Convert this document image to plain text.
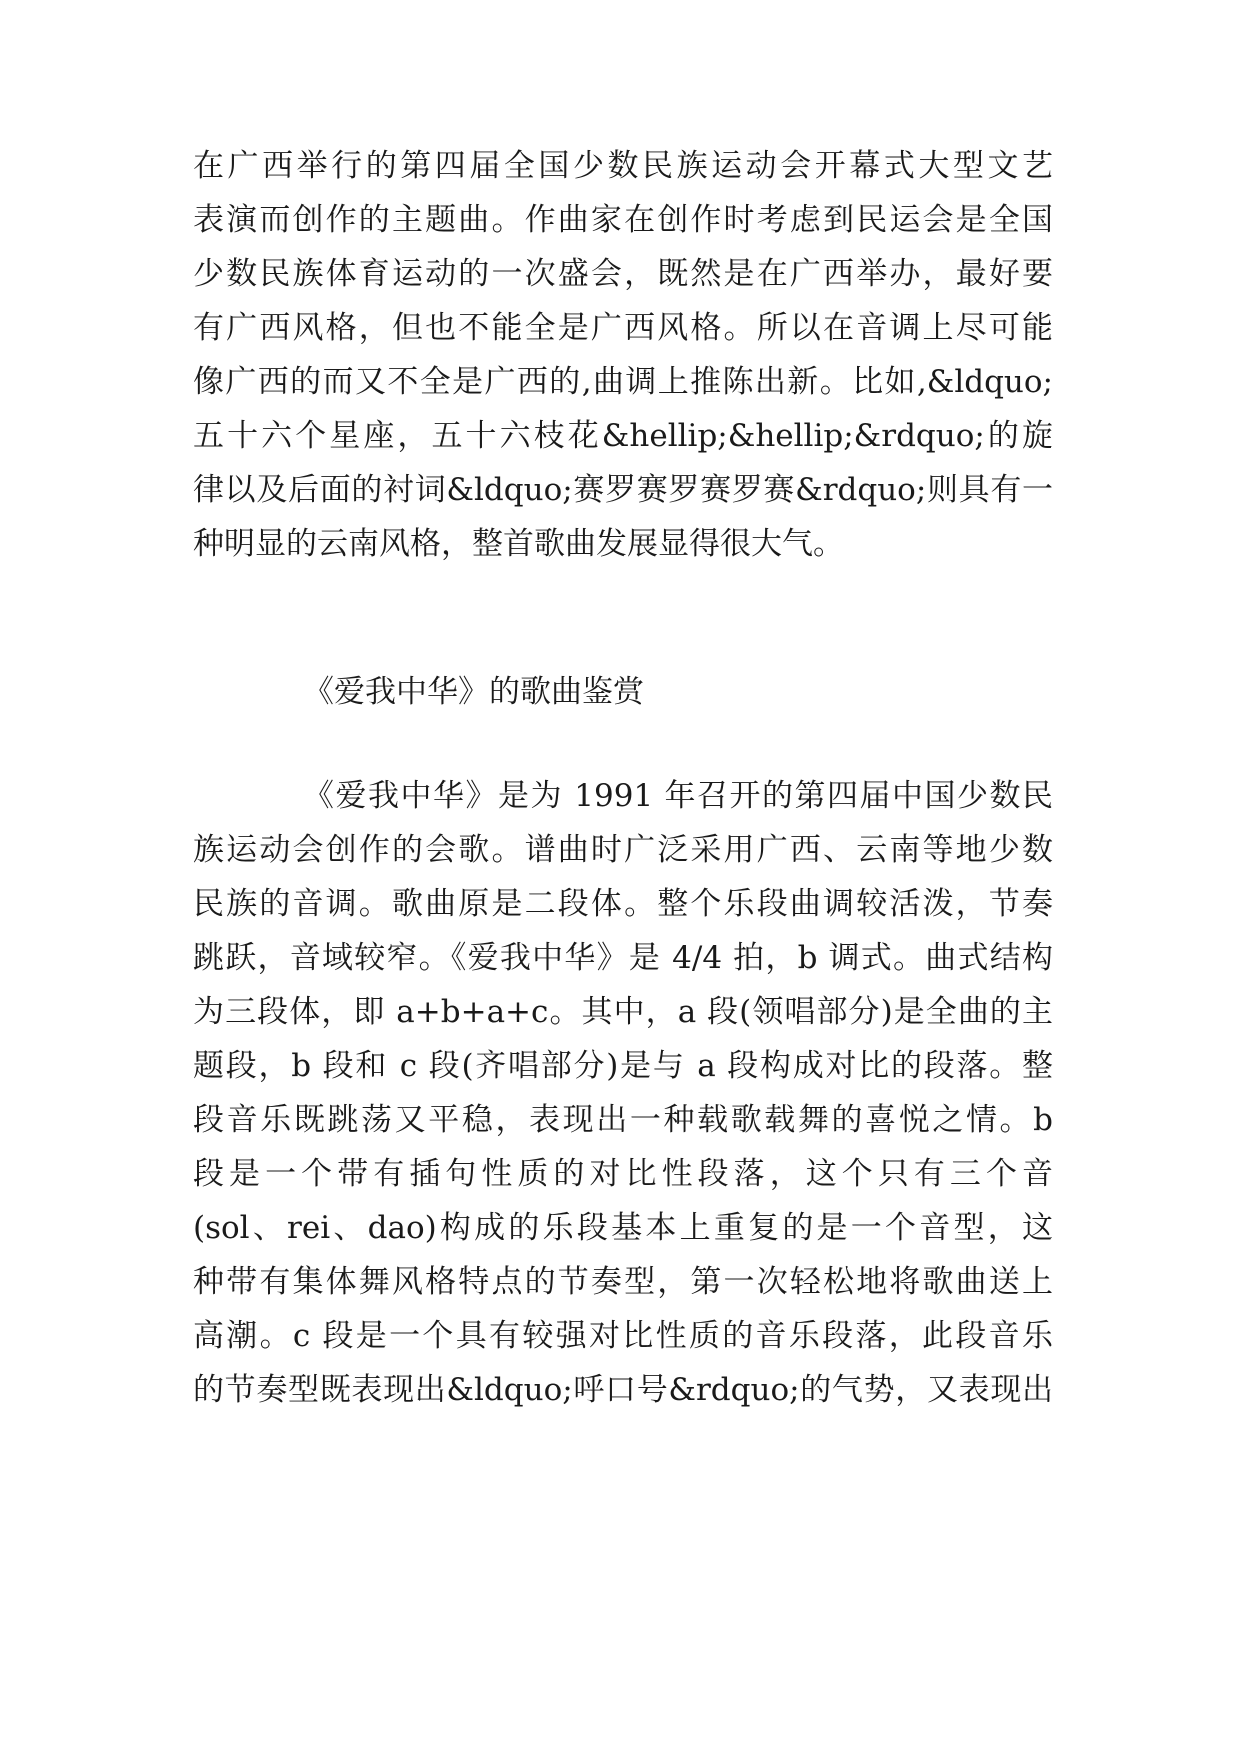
在广西举行的第四届全国少数民族运动会开幕式大型文艺
表演而创作的主题曲。作曲家在创作时考虑到民运会是全国
少数民族体育运动的一次盛会，既然是在广西举办，最好要
有广西风格，但也不能全是广西风格。所以在音调上尽可能
像广西的而又不全是广西的,曲调上推陈出新。比如,&ldquo;
五十六个星座，五十六枝花&hellip;&hellip;&rdquo;的旋
律以及后面的衬词&ldquo;赛罗赛罗赛罗赛&rdquo;则具有一
种明显的云南风格，整首歌曲发展显得很大气。
《爱我中华》的歌曲鉴赏
《爱我中华》是为 1991 年召开的第四届中国少数民
族运动会创作的会歌。谱曲时广泛采用广西、云南等地少数
民族的音调。歌曲原是二段体。整个乐段曲调较活泼，节奏
跳跃，音域较窄。《爱我中华》是 4/4 拍，b 调式。曲式结构
为三段体，即 a+b+a+c。其中，a 段(领唱部分)是全曲的主
题段，b 段和 c 段(齐唱部分)是与 a 段构成对比的段落。整
段音乐既跳荡又平稳，表现出一种载歌载舞的喜悦之情。b
段是一个带有插句性质的对比性段落，这个只有三个音
(sol、rei、dao)构成的乐段基本上重复的是一个音型，这
种带有集体舞风格特点的节奏型，第一次轻松地将歌曲送上
高潮。c 段是一个具有较强对比性质的音乐段落，此段音乐
的节奏型既表现出&ldquo;呼口号&rdquo;的气势，又表现出
